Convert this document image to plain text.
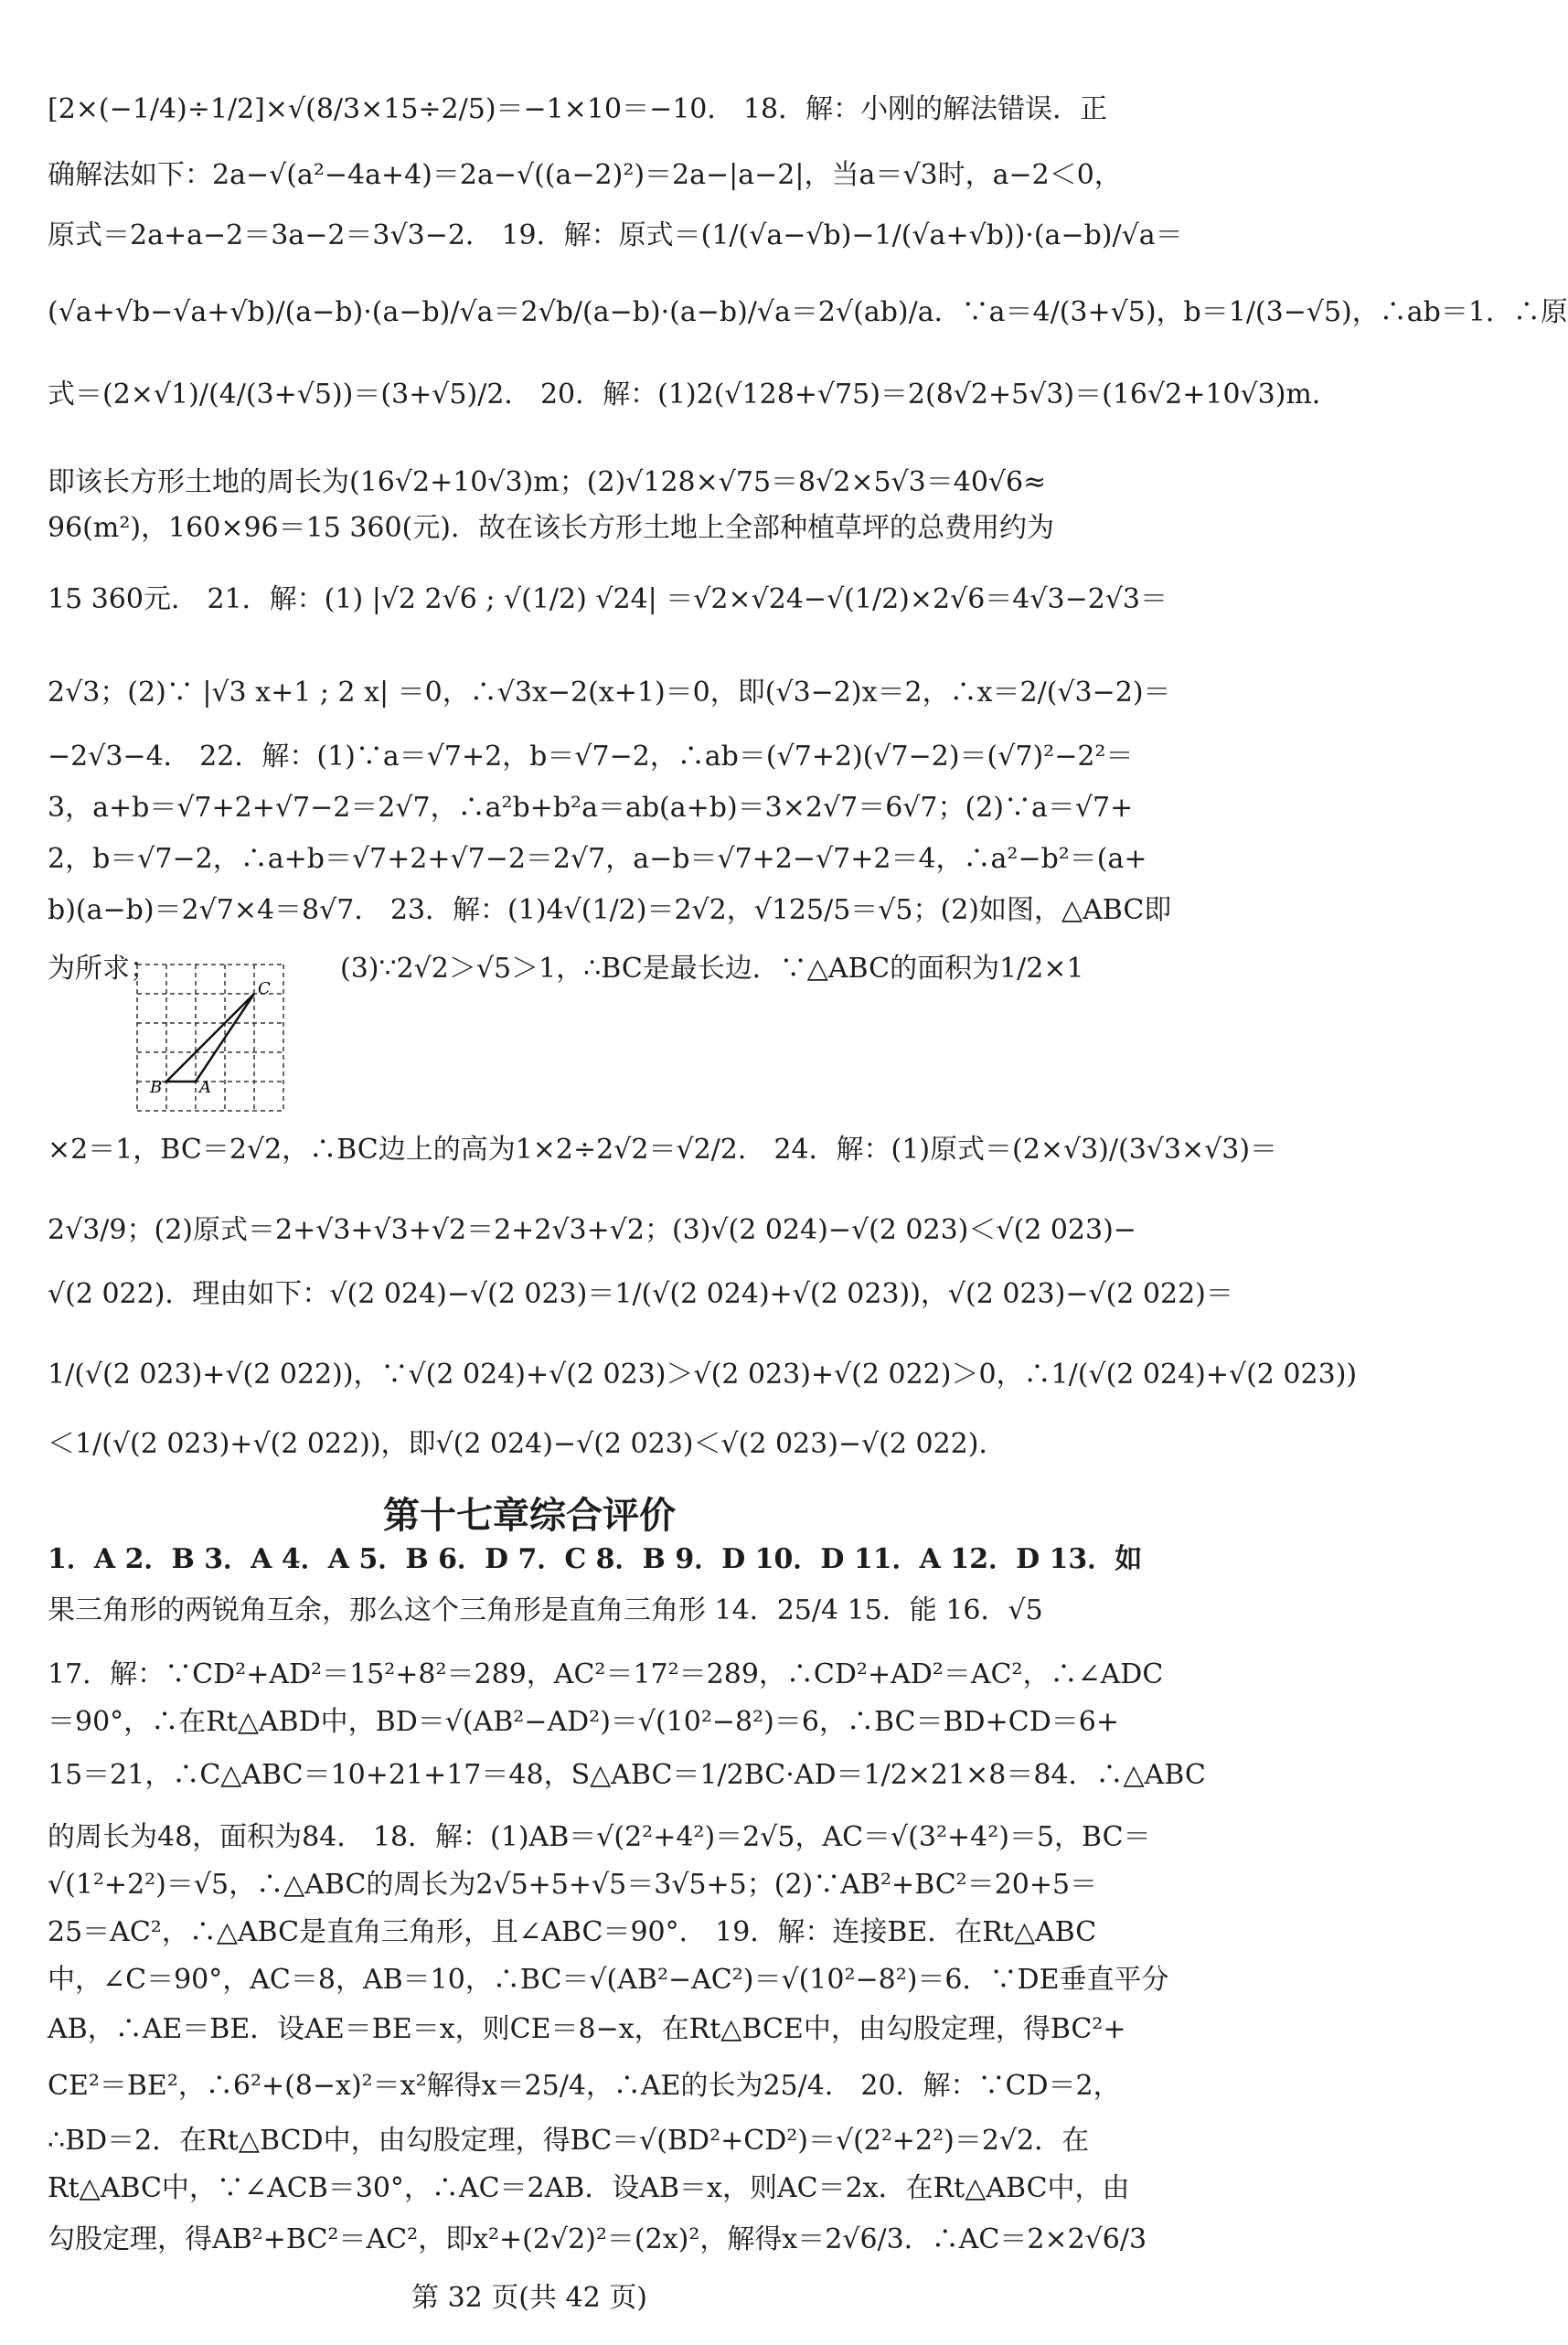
[2×(−1/4)÷1/2]×√(8/3×15÷2/5)＝−1×10＝−10． 18．解：小刚的解法错误．正
确解法如下：2a−√(a²−4a+4)＝2a−√((a−2)²)＝2a−|a−2|，当a＝√3时，a−2＜0，
原式＝2a+a−2＝3a−2＝3√3−2． 19．解：原式＝(1/(√a−√b)−1/(√a+√b))·(a−b)/√a＝
(√a+√b−√a+√b)/(a−b)·(a−b)/√a＝2√b/(a−b)·(a−b)/√a＝2√(ab)/a．∵a＝4/(3+√5)，b＝1/(3−√5)，∴ab＝1．∴原
式＝(2×√1)/(4/(3+√5))＝(3+√5)/2． 20．解：(1)2(√128+√75)＝2(8√2+5√3)＝(16√2+10√3)m．
即该长方形土地的周长为(16√2+10√3)m；(2)√128×√75＝8√2×5√3＝40√6≈
96(m²)，160×96＝15 360(元)．故在该长方形土地上全部种植草坪的总费用约为
15 360元． 21．解：(1) |√2 2√6 ; √(1/2) √24| ＝√2×√24−√(1/2)×2√6＝4√3−2√3＝
2√3；(2)∵ |√3 x+1 ; 2 x| ＝0，∴√3x−2(x+1)＝0，即(√3−2)x＝2，∴x＝2/(√3−2)＝
−2√3−4． 22．解：(1)∵a＝√7+2，b＝√7−2，∴ab＝(√7+2)(√7−2)＝(√7)²−2²＝
3，a+b＝√7+2+√7−2＝2√7，∴a²b+b²a＝ab(a+b)＝3×2√7＝6√7；(2)∵a＝√7+
2，b＝√7−2，∴a+b＝√7+2+√7−2＝2√7，a−b＝√7+2−√7+2＝4，∴a²−b²＝(a+
b)(a−b)＝2√7×4＝8√7． 23．解：(1)4√(1/2)＝2√2，√125/5＝√5；(2)如图，△ABC即
为所求；	(3)∵2√2＞√5＞1，∴BC是最长边．∵△ABC的面积为1/2×1
B A
C
×2＝1，BC＝2√2，∴BC边上的高为1×2÷2√2＝√2/2． 24．解：(1)原式＝(2×√3)/(3√3×√3)＝
2√3/9；(2)原式＝2+√3+√3+√2＝2+2√3+√2；(3)√(2 024)−√(2 023)＜√(2 023)−
√(2 022)．理由如下：√(2 024)−√(2 023)＝1/(√(2 024)+√(2 023))，√(2 023)−√(2 022)＝
1/(√(2 023)+√(2 022))，∵√(2 024)+√(2 023)＞√(2 023)+√(2 022)＞0，∴1/(√(2 024)+√(2 023))
＜1/(√(2 023)+√(2 022))，即√(2 024)−√(2 023)＜√(2 023)−√(2 022)．
第十七章综合评价
1．A 2．B 3．A 4．A 5．B 6．D 7．C 8．B 9．D 10．D 11．A 12．D 13．如
果三角形的两锐角互余，那么这个三角形是直角三角形 14．25/4 15．能 16．√5
17．解：∵CD²+AD²＝15²+8²＝289，AC²＝17²＝289，∴CD²+AD²＝AC²，∴∠ADC
＝90°，∴在Rt△ABD中，BD＝√(AB²−AD²)＝√(10²−8²)＝6，∴BC＝BD+CD＝6+
15＝21，∴C△ABC＝10+21+17＝48，S△ABC＝1/2BC·AD＝1/2×21×8＝84．∴△ABC
的周长为48，面积为84． 18．解：(1)AB＝√(2²+4²)＝2√5，AC＝√(3²+4²)＝5，BC＝
√(1²+2²)＝√5，∴△ABC的周长为2√5+5+√5＝3√5+5；(2)∵AB²+BC²＝20+5＝
25＝AC²，∴△ABC是直角三角形，且∠ABC＝90°． 19．解：连接BE．在Rt△ABC
中，∠C＝90°，AC＝8，AB＝10，∴BC＝√(AB²−AC²)＝√(10²−8²)＝6．∵DE垂直平分
AB，∴AE＝BE．设AE＝BE＝x，则CE＝8−x，在Rt△BCE中，由勾股定理，得BC²+
CE²＝BE²，∴6²+(8−x)²＝x²解得x＝25/4，∴AE的长为25/4． 20．解：∵CD＝2，
∴BD＝2．在Rt△BCD中，由勾股定理，得BC＝√(BD²+CD²)＝√(2²+2²)＝2√2．在
Rt△ABC中，∵∠ACB＝30°，∴AC＝2AB．设AB＝x，则AC＝2x．在Rt△ABC中，由
勾股定理，得AB²+BC²＝AC²，即x²+(2√2)²＝(2x)²，解得x＝2√6/3．∴AC＝2×2√6/3
第 32 页(共 42 页)
